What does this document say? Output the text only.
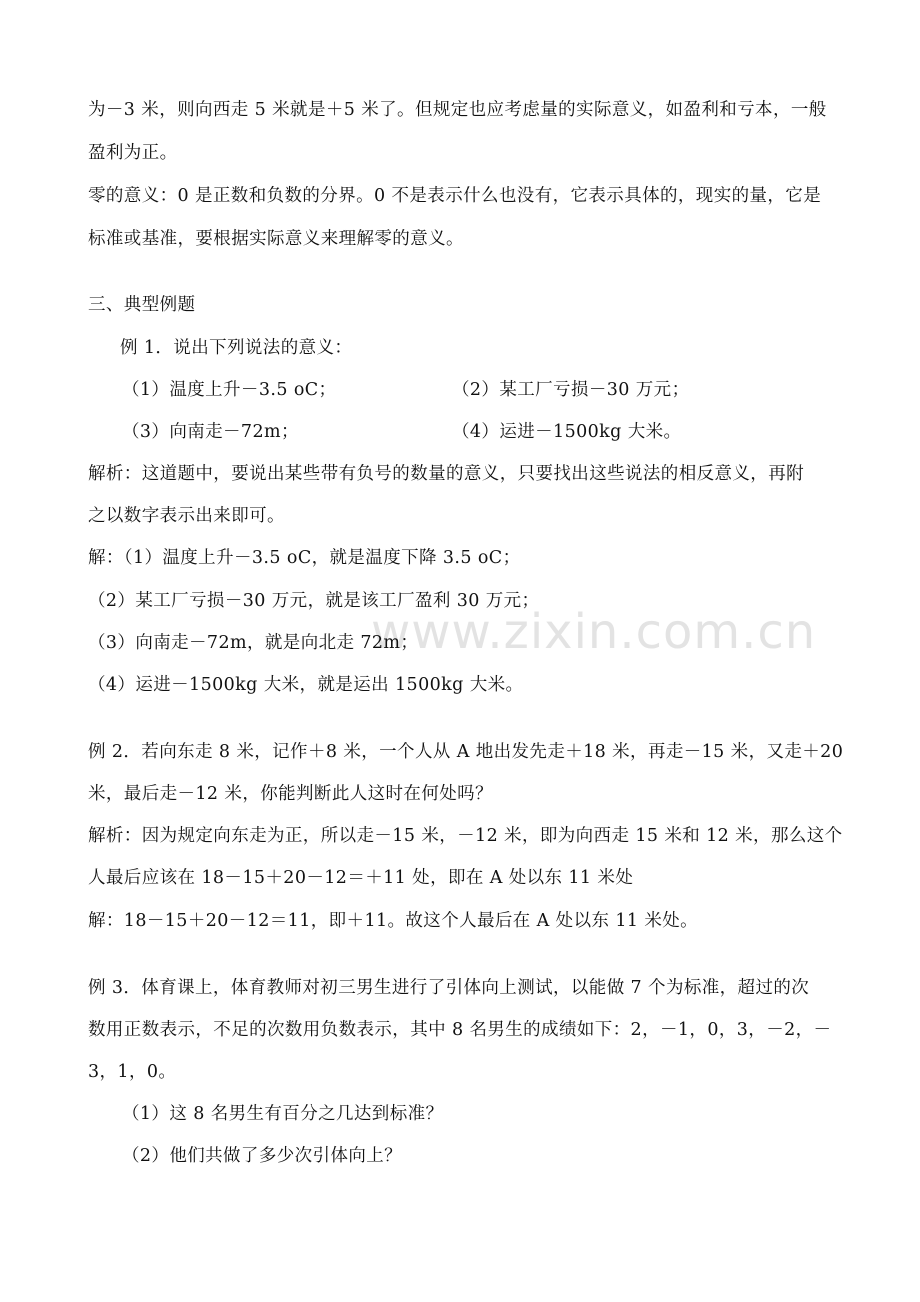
www.zixin.com.cn
为－3 米，则向西走 5 米就是＋5 米了。但规定也应考虑量的实际意义，如盈利和亏本，一般
盈利为正。
零的意义：0 是正数和负数的分界。0 不是表示什么也没有，它表示具体的，现实的量，它是
标准或基准，要根据实际意义来理解零的意义。
三、典型例题
例 1．说出下列说法的意义：
（1）温度上升－3.5 oC；	（2）某工厂亏损－30 万元；
（3）向南走－72m；	（4）运进－1500kg 大米。
解析：这道题中，要说出某些带有负号的数量的意义，只要找出这些说法的相反意义，再附
之以数字表示出来即可。
解：（1）温度上升－3.5 oC，就是温度下降 3.5 oC；
（2）某工厂亏损－30 万元，就是该工厂盈利 30 万元；
（3）向南走－72m，就是向北走 72m；
（4）运进－1500kg 大米，就是运出 1500kg 大米。
例 2．若向东走 8 米，记作＋8 米，一个人从 A 地出发先走＋18 米，再走－15 米，又走＋20
米，最后走－12 米，你能判断此人这时在何处吗？
解析：因为规定向东走为正，所以走－15 米，－12 米，即为向西走 15 米和 12 米，那么这个
人最后应该在 18－15＋20－12＝＋11 处，即在 A 处以东 11 米处
解：18－15＋20－12＝11，即＋11。故这个人最后在 A 处以东 11 米处。
例 3．体育课上，体育教师对初三男生进行了引体向上测试，以能做 7 个为标准，超过的次
数用正数表示，不足的次数用负数表示，其中 8 名男生的成绩如下：2，－1，0，3，－2，－
3，1，0。
（1）这 8 名男生有百分之几达到标准？
（2）他们共做了多少次引体向上？
